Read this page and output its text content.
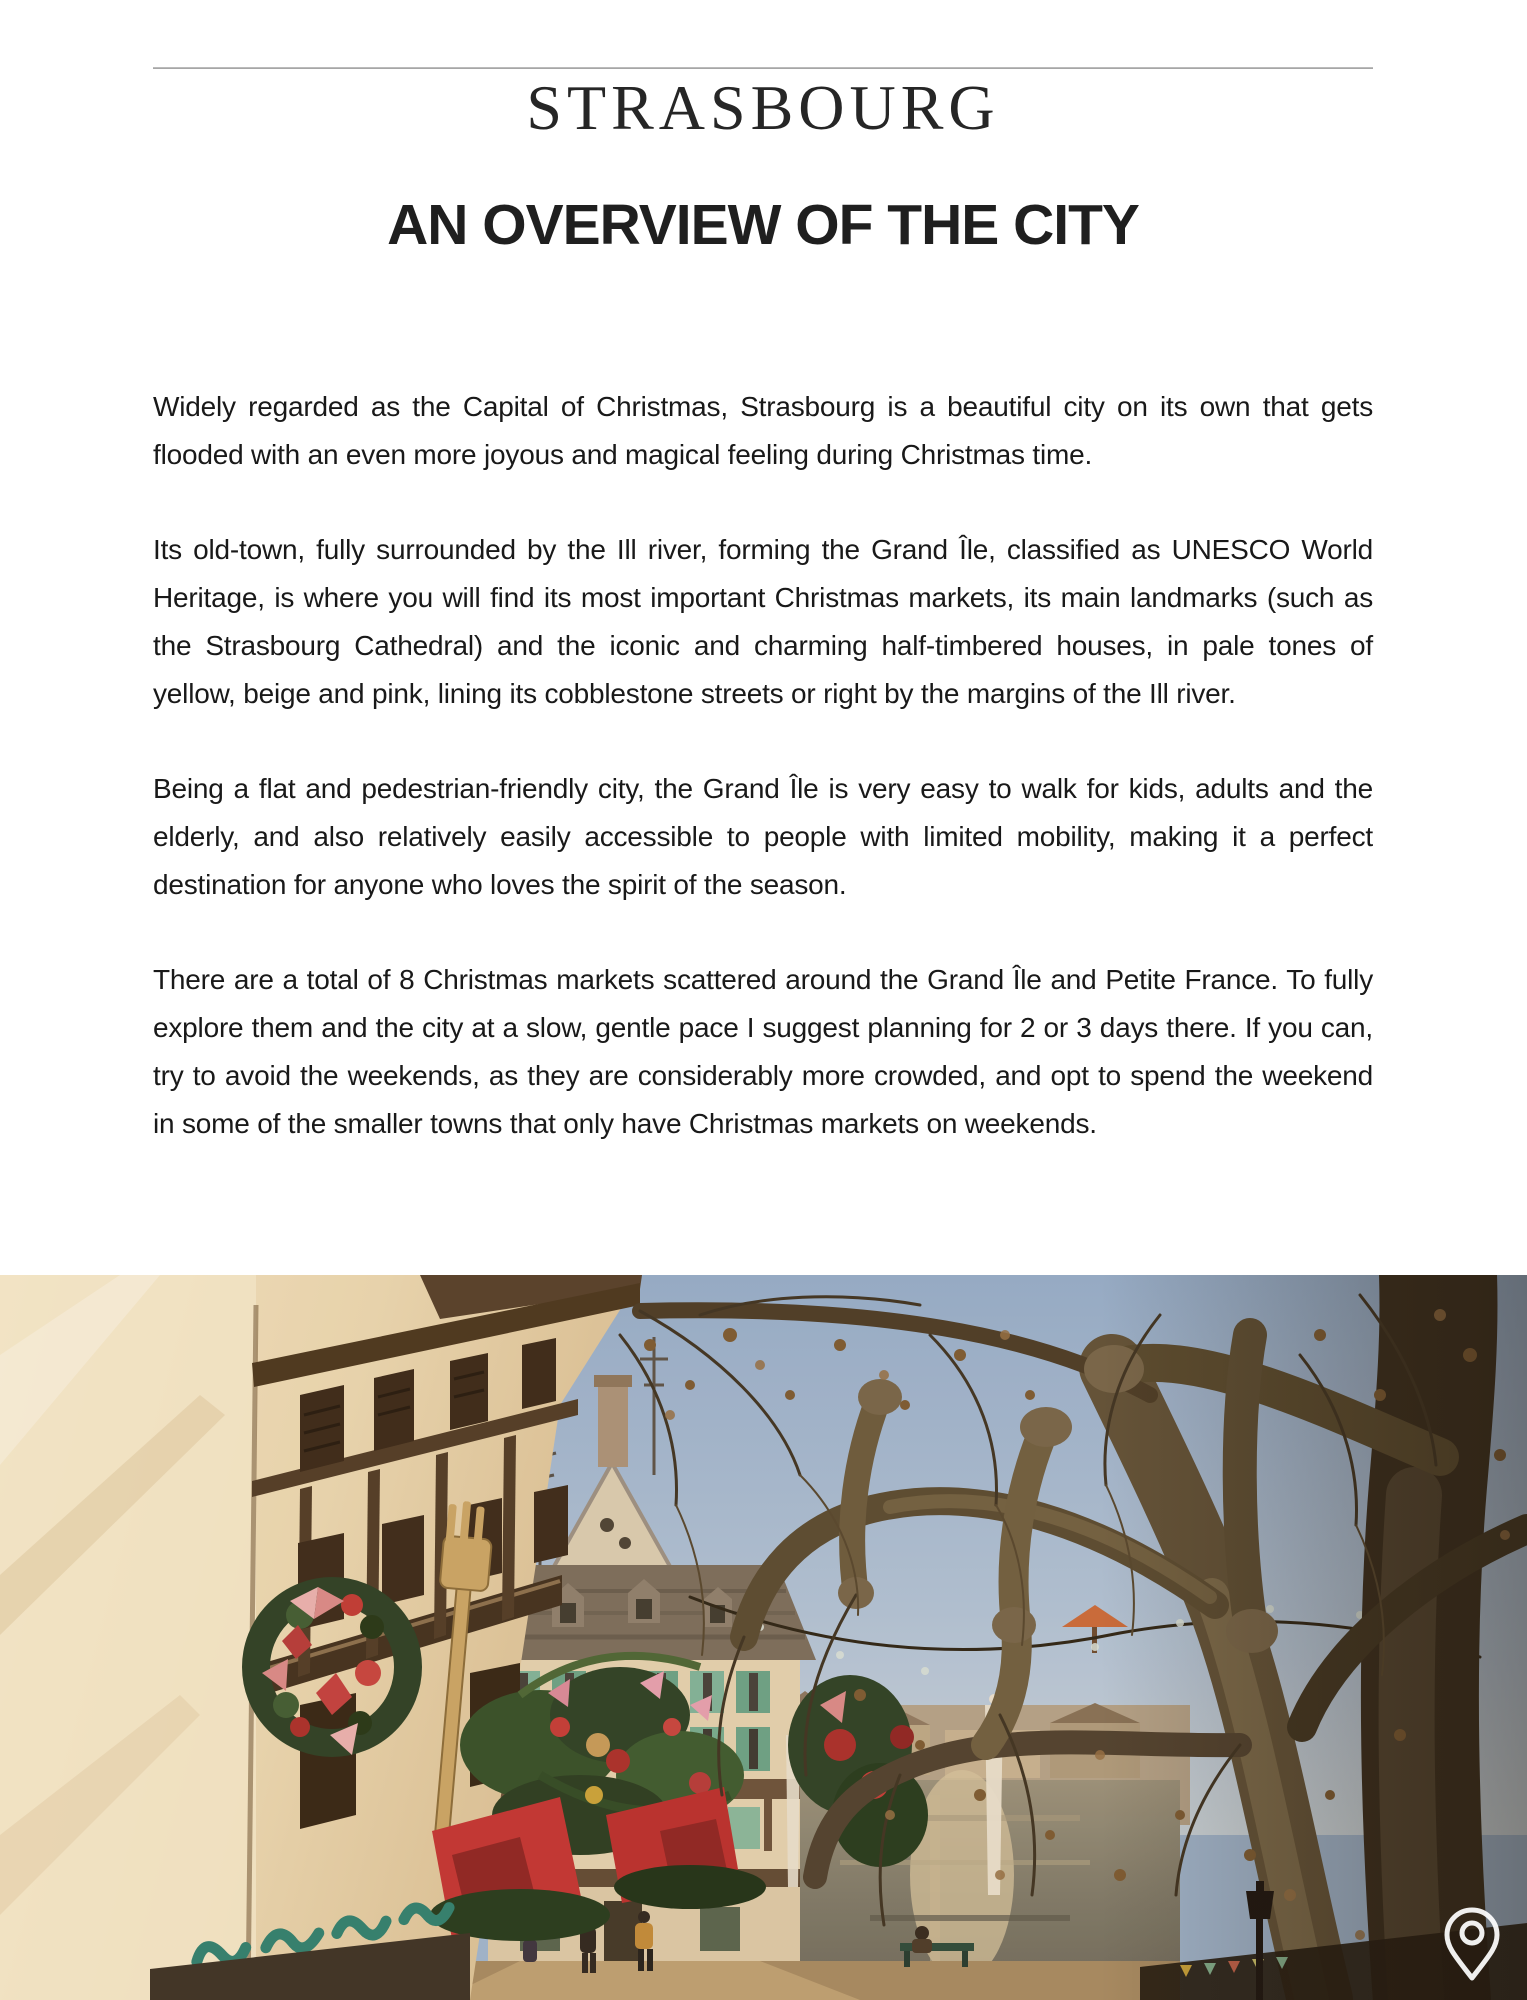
STRASBOURG
AN OVERVIEW OF THE CITY

Widely regarded as the Capital of Christmas, Strasbourg is a beautiful city on its own that gets flooded with an even more joyous and magical feeling during Christmas time.

Its old-town, fully surrounded by the Ill river, forming the Grand Île, classified as UNESCO World Heritage, is where you will find its most important Christmas markets, its main landmarks (such as the Strasbourg Cathedral) and the iconic and charming half-timbered houses, in pale tones of yellow, beige and pink, lining its cobblestone streets or right by the margins of the Ill river.

Being a flat and pedestrian-friendly city, the Grand Île is very easy to walk for kids, adults and the elderly, and also relatively easily accessible to people with limited mobility, making it a perfect destination for anyone who loves the spirit of the season.

There are a total of 8 Christmas markets scattered around the Grand Île and Petite France. To fully explore them and the city at a slow, gentle pace I suggest planning for 2 or 3 days there. If you can, try to avoid the weekends, as they are considerably more crowded, and opt to spend the weekend in some of the smaller towns that only have Christmas markets on weekends.
